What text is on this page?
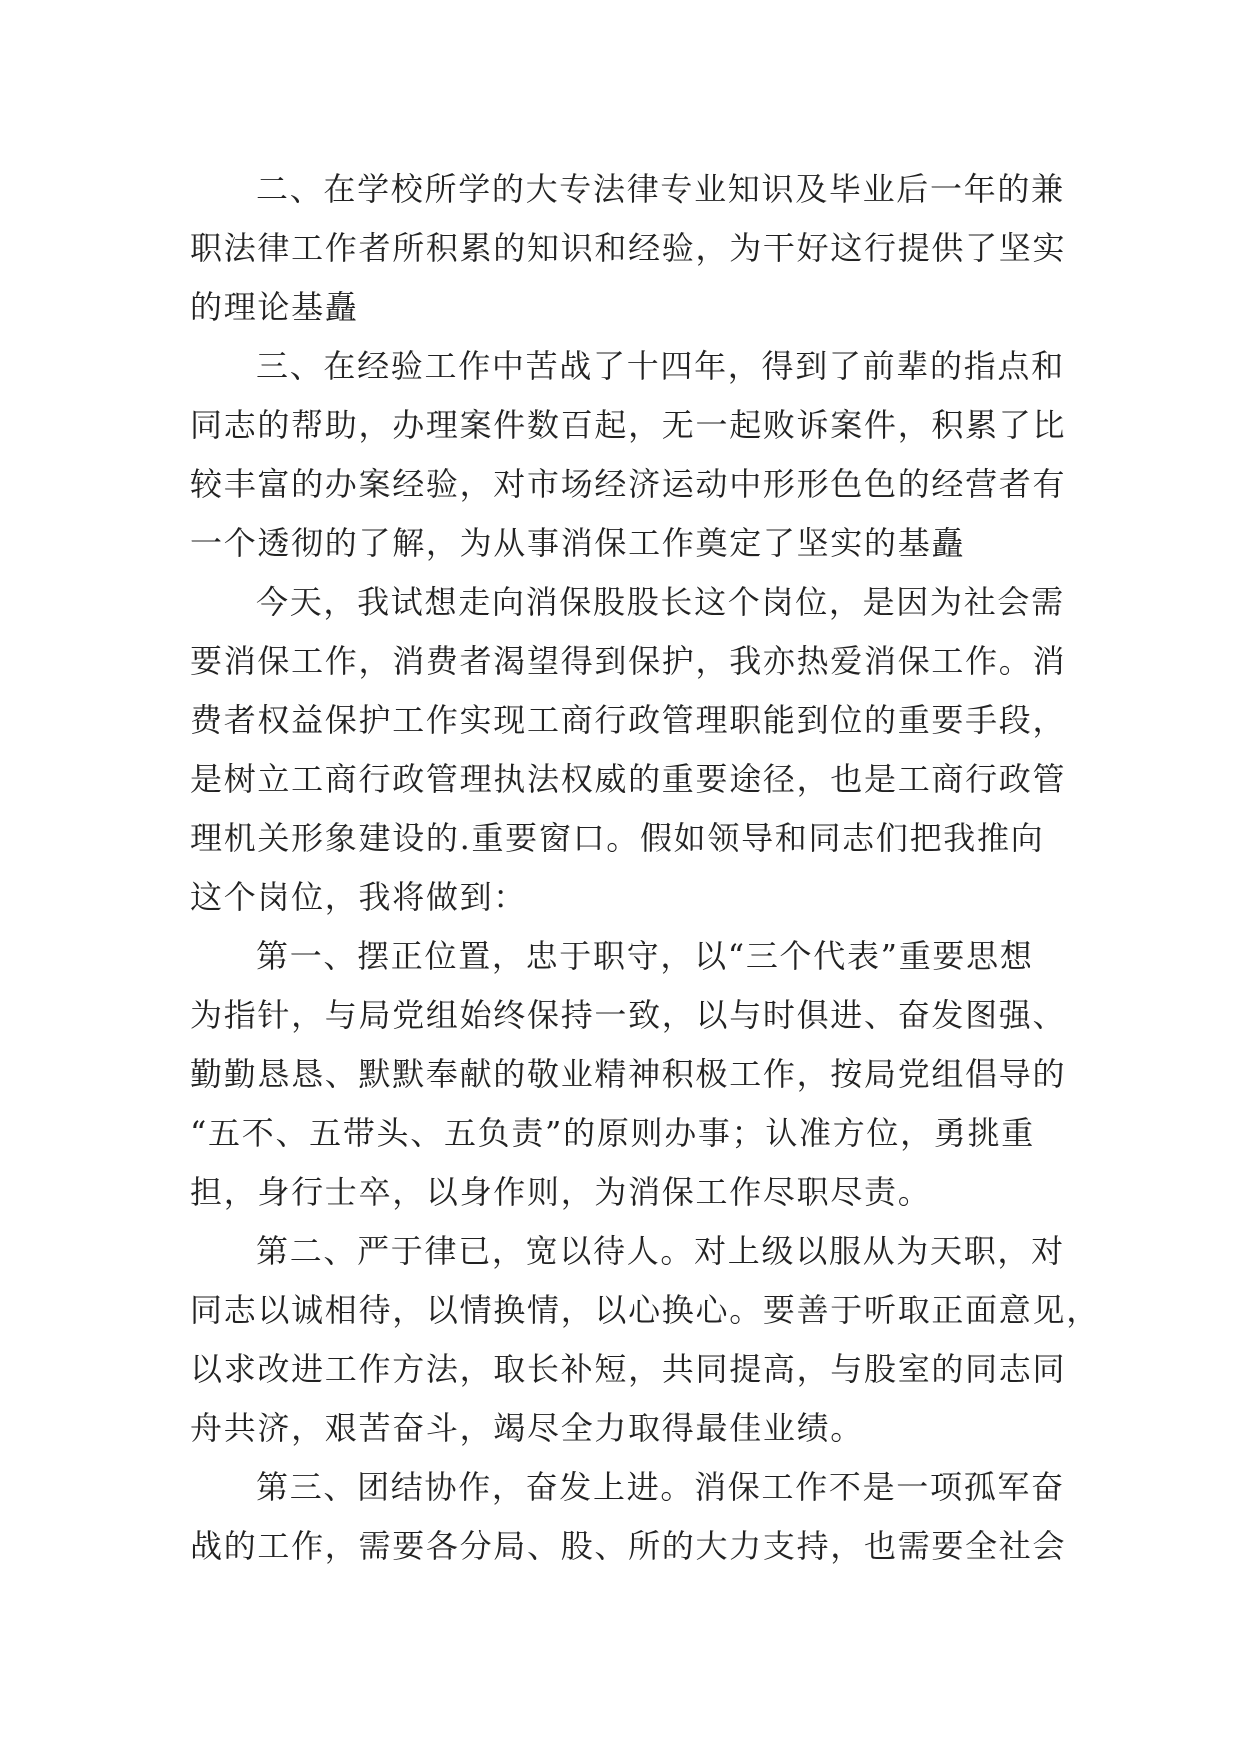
二、在学校所学的大专法律专业知识及毕业后一年的兼
职法律工作者所积累的知识和经验，为干好这行提供了坚实
的理论基矗
三、在经验工作中苦战了十四年，得到了前辈的指点和
同志的帮助，办理案件数百起，无一起败诉案件，积累了比
较丰富的办案经验，对市场经济运动中形形色色的经营者有
一个透彻的了解，为从事消保工作奠定了坚实的基矗
今天，我试想走向消保股股长这个岗位，是因为社会需
要消保工作，消费者渴望得到保护，我亦热爱消保工作。消
费者权益保护工作实现工商行政管理职能到位的重要手段，
是树立工商行政管理执法权威的重要途径，也是工商行政管
理机关形象建设的.重要窗口。假如领导和同志们把我推向
这个岗位，我将做到：
第一、摆正位置，忠于职守，以“三个代表”重要思想
为指针，与局党组始终保持一致，以与时俱进、奋发图强、
勤勤恳恳、默默奉献的敬业精神积极工作，按局党组倡导的
“五不、五带头、五负责”的原则办事；认准方位，勇挑重
担，身行士卒，以身作则，为消保工作尽职尽责。
第二、严于律已，宽以待人。对上级以服从为天职，对
同志以诚相待，以情换情，以心换心。要善于听取正面意见，
以求改进工作方法，取长补短，共同提高，与股室的同志同
舟共济，艰苦奋斗，竭尽全力取得最佳业绩。
第三、团结协作，奋发上进。消保工作不是一项孤军奋
战的工作，需要各分局、股、所的大力支持，也需要全社会
